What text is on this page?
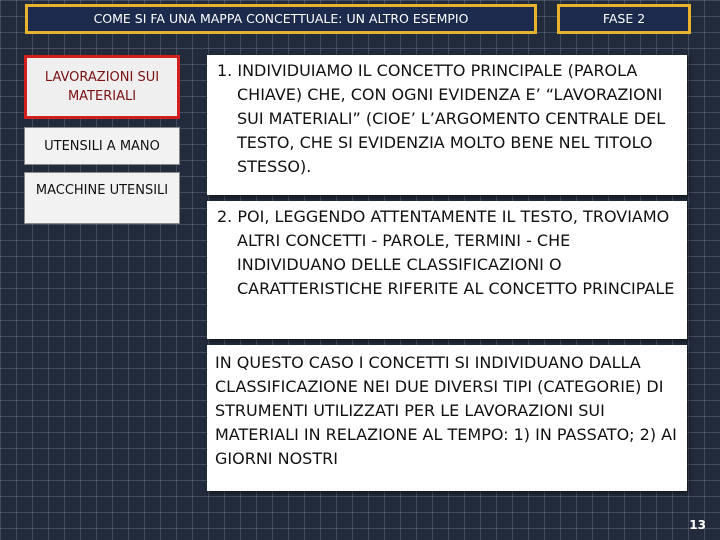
COME SI FA UNA MAPPA CONCETTUALE: UN ALTRO ESEMPIO	FASE 2
LAVORAZIONI SUI MATERIALI
UTENSILI A MANO
MACCHINE UTENSILI

1. INDIVIDUIAMO IL CONCETTO PRINCIPALE (PAROLA CHIAVE) CHE, CON OGNI EVIDENZA E’ “LAVORAZIONI SUI MATERIALI” (CIOE’ L’ARGOMENTO CENTRALE DEL TESTO, CHE SI EVIDENZIA MOLTO BENE NEL TITOLO STESSO).

2. POI, LEGGENDO ATTENTAMENTE IL TESTO, TROVIAMO ALTRI CONCETTI - PAROLE, TERMINI - CHE INDIVIDUANO DELLE CLASSIFICAZIONI O CARATTERISTICHE RIFERITE AL CONCETTO PRINCIPALE

IN QUESTO CASO I CONCETTI SI INDIVIDUANO DALLA CLASSIFICAZIONE NEI DUE DIVERSI TIPI (CATEGORIE) DI STRUMENTI UTILIZZATI PER LE LAVORAZIONI SUI MATERIALI IN RELAZIONE AL TEMPO: 1) IN PASSATO; 2) AI GIORNI NOSTRI

13
